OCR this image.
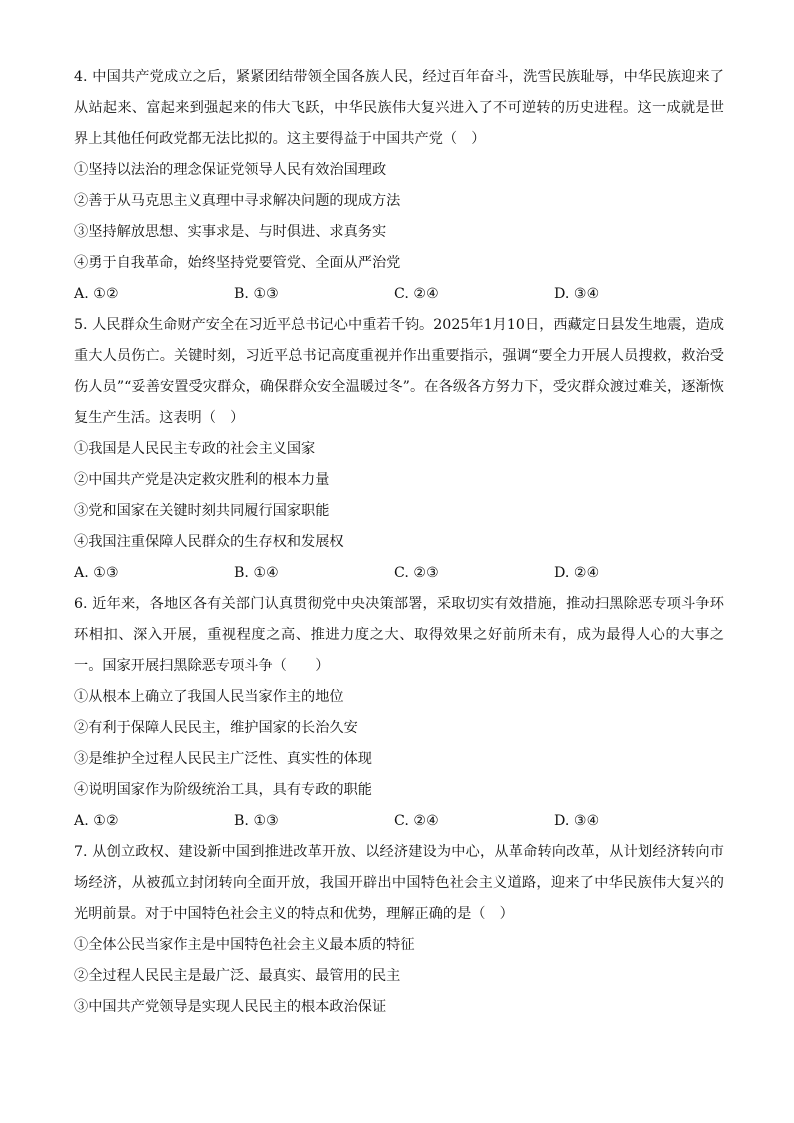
4. 中国共产党成立之后，紧紧团结带领全国各族人民，经过百年奋斗，洗雪民族耻辱，中华民族迎来了从站起来、富起来到强起来的伟大飞跃，中华民族伟大复兴进入了不可逆转的历史进程。这一成就是世界上其他任何政党都无法比拟的。这主要得益于中国共产党（　）

①坚持以法治的理念保证党领导人民有效治国理政

②善于从马克思主义真理中寻求解决问题的现成方法

③坚持解放思想、实事求是、与时俱进、求真务实

④勇于自我革命，始终坚持党要管党、全面从严治党

A. ①②	B. ①③	C. ②④	D. ③④

5. 人民群众生命财产安全在习近平总书记心中重若千钧。2025年1月10日，西藏定日县发生地震，造成重大人员伤亡。关键时刻，习近平总书记高度重视并作出重要指示，强调“要全力开展人员搜救，救治受伤人员”“妥善安置受灾群众，确保群众安全温暖过冬”。在各级各方努力下，受灾群众渡过难关，逐渐恢复生产生活。这表明（　）

①我国是人民民主专政的社会主义国家

②中国共产党是决定救灾胜利的根本力量

③党和国家在关键时刻共同履行国家职能

④我国注重保障人民群众的生存权和发展权

A. ①③	B. ①④	C. ②③	D. ②④

6. 近年来，各地区各有关部门认真贯彻党中央决策部署，采取切实有效措施，推动扫黑除恶专项斗争环环相扣、深入开展，重视程度之高、推进力度之大、取得效果之好前所未有，成为最得人心的大事之一。国家开展扫黑除恶专项斗争（　　）

①从根本上确立了我国人民当家作主的地位

②有利于保障人民民主，维护国家的长治久安

③是维护全过程人民民主广泛性、真实性的体现

④说明国家作为阶级统治工具，具有专政的职能

A. ①②	B. ①③	C. ②④	D. ③④

7. 从创立政权、建设新中国到推进改革开放、以经济建设为中心，从革命转向改革，从计划经济转向市场经济，从被孤立封闭转向全面开放，我国开辟出中国特色社会主义道路，迎来了中华民族伟大复兴的光明前景。对于中国特色社会主义的特点和优势，理解正确的是（　）

①全体公民当家作主是中国特色社会主义最本质的特征

②全过程人民民主是最广泛、最真实、最管用的民主

③中国共产党领导是实现人民民主的根本政治保证
